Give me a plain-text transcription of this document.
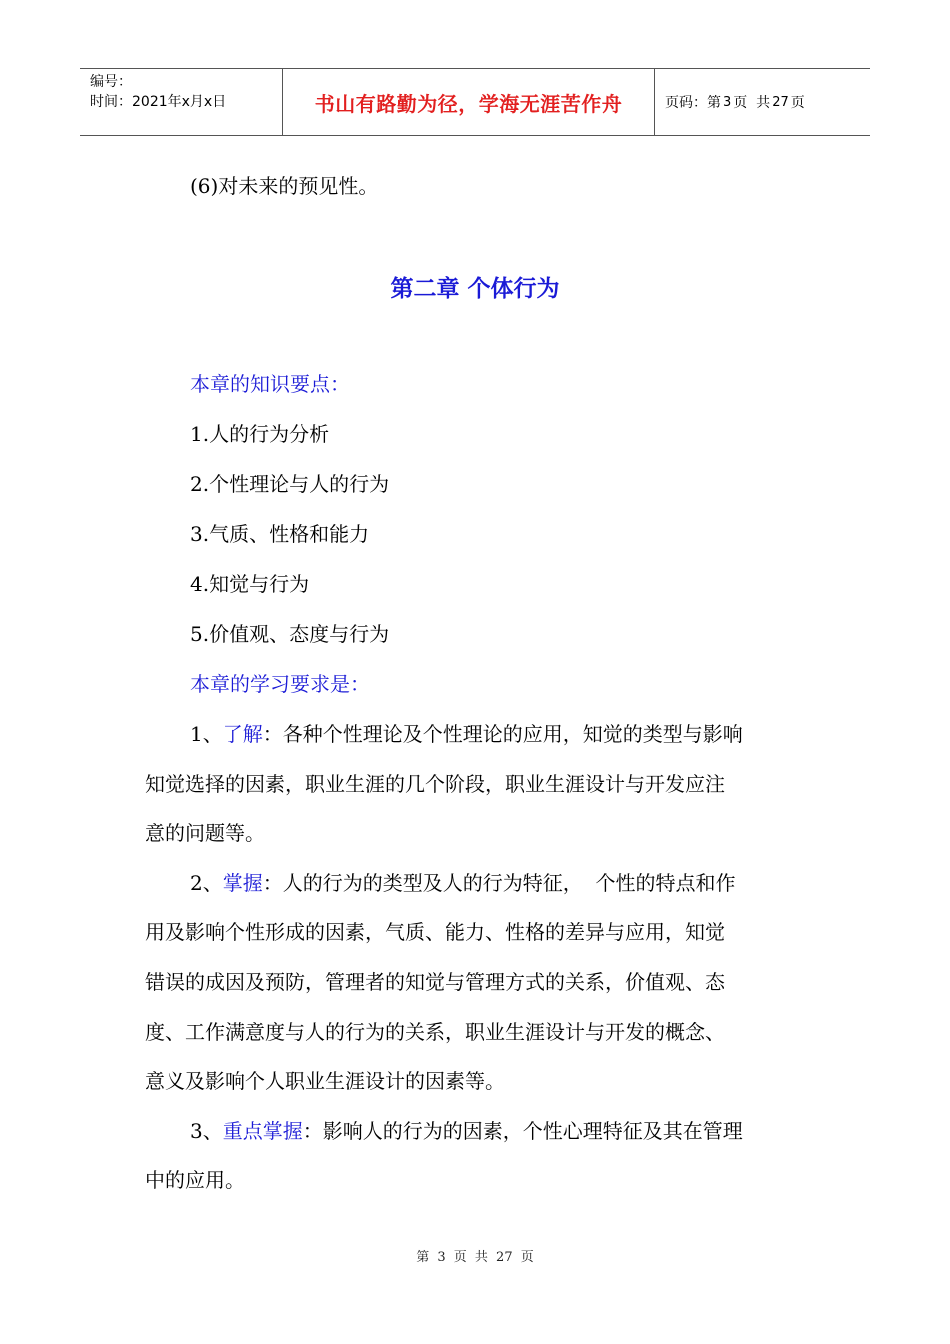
编号：
时间：2021年x月x日	书山有路勤为径，学海无涯苦作舟	页码：第 3 页  共 27 页
(6)对未来的预见性。
第二章 个体行为
本章的知识要点：
1.人的行为分析
2.个性理论与人的行为
3.气质、性格和能力
4.知觉与行为
5.价值观、态度与行为
本章的学习要求是：
1、了解：各种个性理论及个性理论的应用，知觉的类型与影响
知觉选择的因素，职业生涯的几个阶段，职业生涯设计与开发应注
意的问题等。
2、掌握：人的行为的类型及人的行为特征，  个性的特点和作
用及影响个性形成的因素，气质、能力、性格的差异与应用，知觉
错误的成因及预防，管理者的知觉与管理方式的关系，价值观、态
度、工作满意度与人的行为的关系，职业生涯设计与开发的概念、
意义及影响个人职业生涯设计的因素等。
3、重点掌握：影响人的行为的因素，个性心理特征及其在管理
中的应用。
第 3 页 共 27 页
